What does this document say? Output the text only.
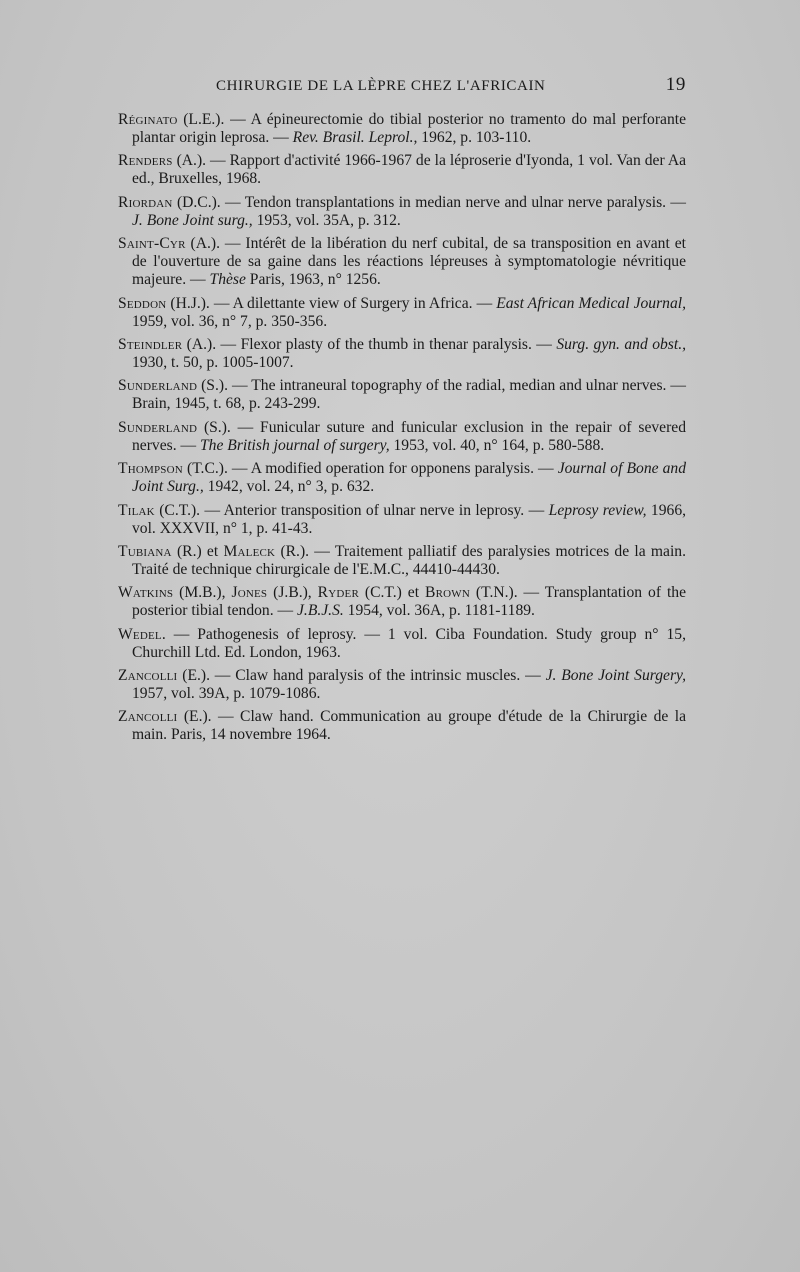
CHIRURGIE DE LA LÈPRE CHEZ L'AFRICAIN	19

Réginato (L.E.). — A épineurectomie do tibial posterior no tramento do mal perforante plantar origin leprosa. — Rev. Brasil. Leprol., 1962, p. 103-110.

Renders (A.). — Rapport d'activité 1966-1967 de la léproserie d'Iyonda, 1 vol. Van der Aa ed., Bruxelles, 1968.

Riordan (D.C.). — Tendon transplantations in median nerve and ulnar nerve paralysis. — J. Bone Joint surg., 1953, vol. 35A, p. 312.

Saint-Cyr (A.). — Intérêt de la libération du nerf cubital, de sa transposition en avant et de l'ouverture de sa gaine dans les réactions lépreuses à symptomatologie névritique majeure. — Thèse Paris, 1963, n° 1256.

Seddon (H.J.). — A dilettante view of Surgery in Africa. — East African Medical Journal, 1959, vol. 36, n° 7, p. 350-356.

Steindler (A.). — Flexor plasty of the thumb in thenar paralysis. — Surg. gyn. and obst., 1930, t. 50, p. 1005-1007.

Sunderland (S.). — The intraneural topography of the radial, median and ulnar nerves. — Brain, 1945, t. 68, p. 243-299.

Sunderland (S.). — Funicular suture and funicular exclusion in the repair of severed nerves. — The British journal of surgery, 1953, vol. 40, n° 164, p. 580-588.

Thompson (T.C.). — A modified operation for opponens paralysis. — Journal of Bone and Joint Surg., 1942, vol. 24, n° 3, p. 632.

Tilak (C.T.). — Anterior transposition of ulnar nerve in leprosy. — Leprosy review, 1966, vol. XXXVII, n° 1, p. 41-43.

Tubiana (R.) et Maleck (R.). — Traitement palliatif des paralysies motrices de la main. Traité de technique chirurgicale de l'E.M.C., 44410-44430.

Watkins (M.B.), Jones (J.B.), Ryder (C.T.) et Brown (T.N.). — Transplantation of the posterior tibial tendon. — J.B.J.S. 1954, vol. 36A, p. 1181-1189.

Wedel. — Pathogenesis of leprosy. — 1 vol. Ciba Foundation. Study group n° 15, Churchill Ltd. Ed. London, 1963.

Zancolli (E.). — Claw hand paralysis of the intrinsic muscles. — J. Bone Joint Surgery, 1957, vol. 39A, p. 1079-1086.

Zancolli (E.). — Claw hand. Communication au groupe d'étude de la Chirurgie de la main. Paris, 14 novembre 1964.
